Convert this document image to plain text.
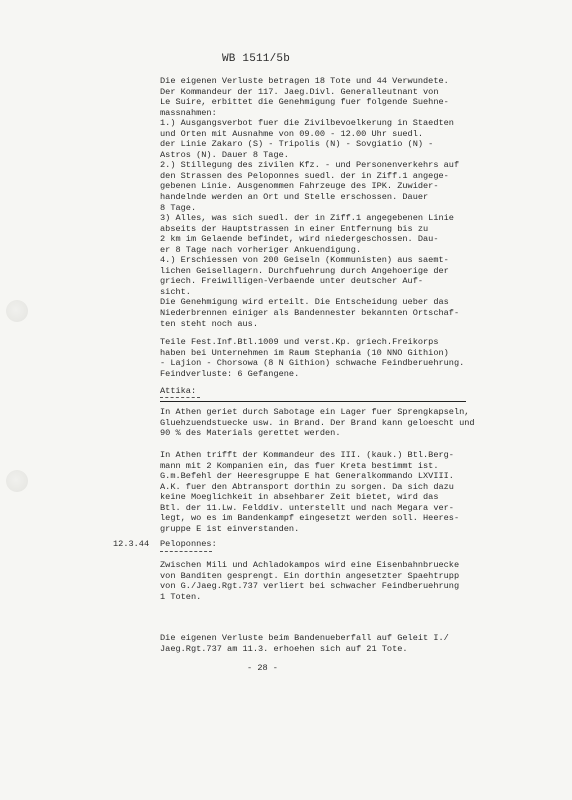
WB 1511/5b
Die eigenen Verluste betragen 18 Tote und 44 Verwundete.
Der Kommandeur der 117. Jaeg.Divl. Generalleutnant von
Le Suire, erbittet die Genehmigung fuer folgende Suehne-
massnahmen:
1.) Ausgangsverbot fuer die Zivilbevoelkerung in Staedten
und Orten mit Ausnahme von 09.00 - 12.00 Uhr suedl.
der Linie Zakaro (S) - Tripolis (N) - Sovgiatio (N) -
Astros (N). Dauer 8 Tage.
2.) Stillegung des zivilen Kfz. - und Personenverkehrs auf
den Strassen des Peloponnes suedl. der in Ziff.1 angege-
gebenen Linie. Ausgenommen Fahrzeuge des IPK. Zuwider-
handelnde werden an Ort und Stelle erschossen. Dauer
8 Tage.
3) Alles, was sich suedl. der in Ziff.1 angegebenen Linie
abseits der Hauptstrassen in einer Entfernung bis zu
2 km im Gelaende befindet, wird niedergeschossen. Dau-
er 8 Tage nach vorheriger Ankuendigung.
4.) Erschiessen von 200 Geiseln (Kommunisten) aus saemt-
lichen Geisellagern. Durchfuehrung durch Angehoerige der
griech. Freiwilligen-Verbaende unter deutscher Auf-
sicht.
Die Genehmigung wird erteilt. Die Entscheidung ueber das
Niederbrennen einiger als Bandennester bekannten Ortschaf-
ten steht noch aus.
Teile Fest.Inf.Btl.1009 und verst.Kp. griech.Freikorps
haben bei Unternehmen im Raum Stephania (10 NNO Githion)
- Lajion - Chorsowa (8 N Githion) schwache Feindberuehrung.
Feindverluste: 6 Gefangene.
Attika:
In Athen geriet durch Sabotage ein Lager fuer Sprengkapseln,
Gluehzuendstuecke usw. in Brand. Der Brand kann geloescht und
90 % des Materials gerettet werden.
In Athen trifft der Kommandeur des III. (kauk.) Btl.Berg-
mann mit 2 Kompanien ein, das fuer Kreta bestimmt ist.
G.m.Befehl der Heeresgruppe E hat Generalkommando LXVIII.
A.K. fuer den Abtransport dorthin zu sorgen. Da sich dazu
keine Moeglichkeit in absehbarer Zeit bietet, wird das
Btl. der 11.Lw. Felddiv. unterstellt und nach Megara ver-
legt, wo es im Bandenkampf eingesetzt werden soll. Heeres-
gruppe E ist einverstanden.
12.3.44 Peloponnes:
Zwischen Mili und Achladokampos wird eine Eisenbahnbruecke
von Banditen gesprengt. Ein dorthin angesetzter Spaehtrupp
von G./Jaeg.Rgt.737 verliert bei schwacher Feindberuehrung
1 Toten.
Die eigenen Verluste beim Bandenueberfall auf Geleit I./
Jaeg.Rgt.737 am 11.3. erhoehen sich auf 21 Tote.
- 28 -
